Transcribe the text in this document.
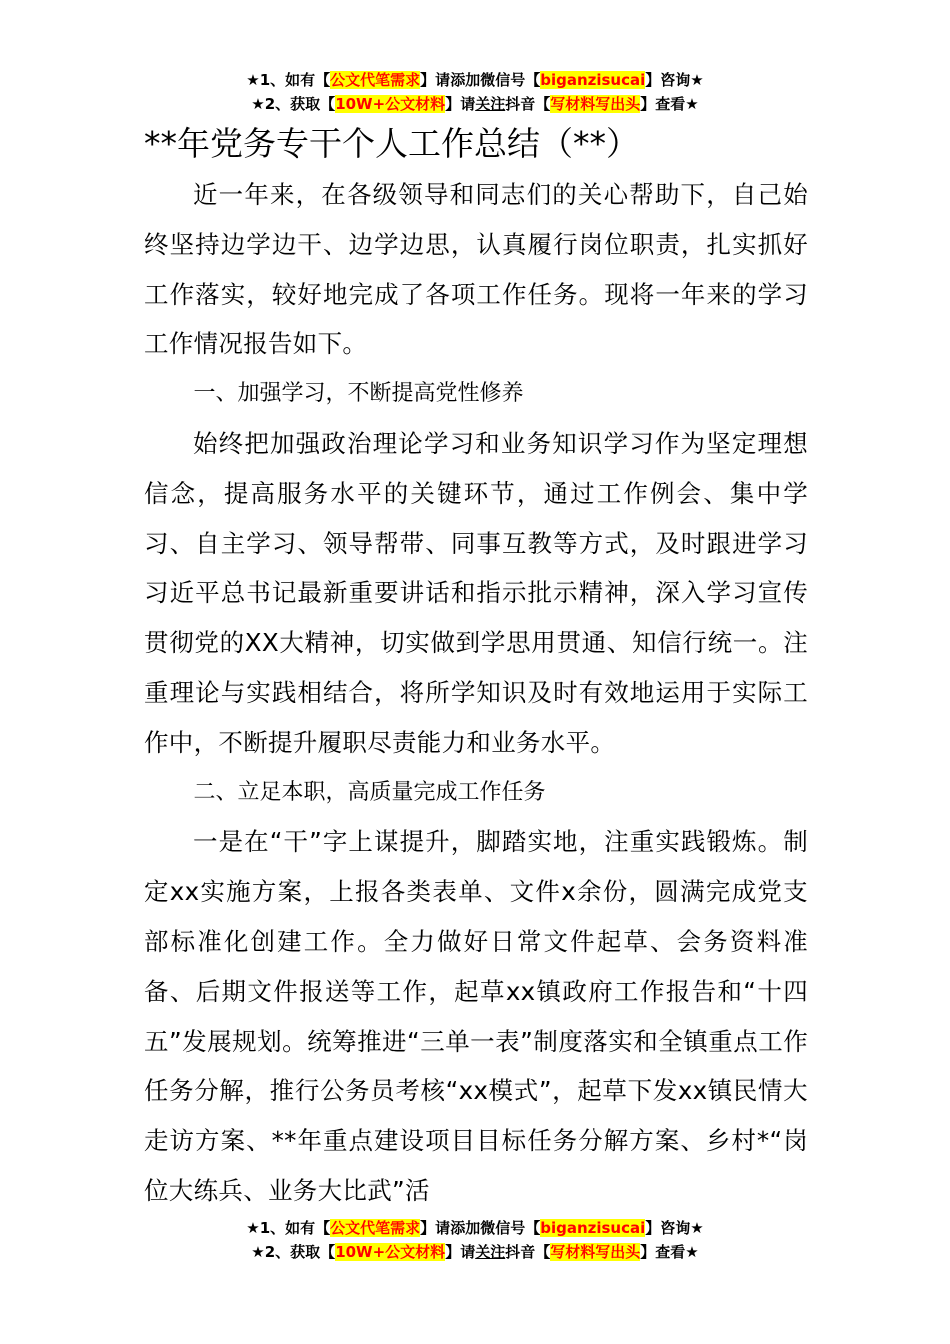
★1、如有【公文代笔需求】请添加微信号【biganzisucai】咨询★
★2、获取【10W+公文材料】请关注抖音【写材料写出头】查看★
**年党务专干个人工作总结（**）

近一年来，在各级领导和同志们的关心帮助下，自己始终坚持边学边干、边学边思，认真履行岗位职责，扎实抓好工作落实，较好地完成了各项工作任务。现将一年来的学习工作情况报告如下。

一、加强学习，不断提高党性修养

始终把加强政治理论学习和业务知识学习作为坚定理想信念，提高服务水平的关键环节，通过工作例会、集中学习、自主学习、领导帮带、同事互教等方式，及时跟进学习习近平总书记最新重要讲话和指示批示精神，深入学习宣传贯彻党的XX大精神，切实做到学思用贯通、知信行统一。注重理论与实践相结合，将所学知识及时有效地运用于实际工作中，不断提升履职尽责能力和业务水平。

二、立足本职，高质量完成工作任务

一是在“干”字上谋提升，脚踏实地，注重实践锻炼。制定xx实施方案，上报各类表单、文件x余份，圆满完成党支部标准化创建工作。全力做好日常文件起草、会务资料准备、后期文件报送等工作，起草xx镇政府工作报告和“十四五”发展规划。统筹推进“三单一表”制度落实和全镇重点工作任务分解，推行公务员考核“xx模式”，起草下发xx镇民情大走访方案、**年重点建设项目目标任务分解方案、乡村*“岗位大练兵、业务大比武”活

★1、如有【公文代笔需求】请添加微信号【biganzisucai】咨询★
★2、获取【10W+公文材料】请关注抖音【写材料写出头】查看★
